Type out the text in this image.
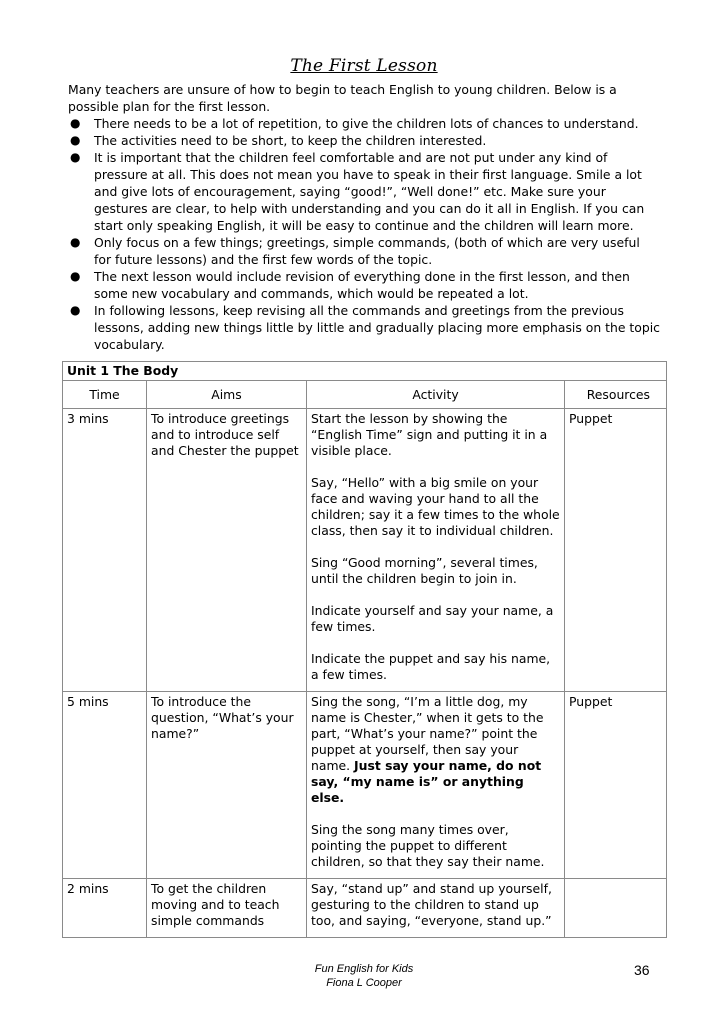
The First Lesson

Many teachers are unsure of how to begin to teach English to young children. Below is a possible plan for the first lesson.

● There needs to be a lot of repetition, to give the children lots of chances to understand.
● The activities need to be short, to keep the children interested.
● It is important that the children feel comfortable and are not put under any kind of pressure at all. This does not mean you have to speak in their first language. Smile a lot and give lots of encouragement, saying “good!”, “Well done!” etc. Make sure your gestures are clear, to help with understanding and you can do it all in English. If you can start only speaking English, it will be easy to continue and the children will learn more.
● Only focus on a few things; greetings, simple commands, (both of which are very useful for future lessons) and the first few words of the topic.
● The next lesson would include revision of everything done in the first lesson, and then some new vocabulary and commands, which would be repeated a lot.
● In following lessons, keep revising all the commands and greetings from the previous lessons, adding new things little by little and gradually placing more emphasis on the topic vocabulary.
Unit 1 The Body			
Time	Aims	Activity	Resources
3 mins	To introduce greetings and to introduce self and Chester the puppet	Start the lesson by showing the “English Time” sign and putting it in a visible place.

Say, “Hello” with a big smile on your face and waving your hand to all the children; say it a few times to the whole class, then say it to individual children.

Sing “Good morning”, several times, until the children begin to join in.

Indicate yourself and say your name, a few times.

Indicate the puppet and say his name, a few times.	Puppet
5 mins	To introduce the question, “What’s your name?”	Sing the song, “I’m a little dog, my name is Chester,” when it gets to the part, “What’s your name?” point the puppet at yourself, then say your name. Just say your name, do not say, “my name is” or anything else.

Sing the song many times over, pointing the puppet to different children, so that they say their name.	Puppet
2 mins	To get the children moving and to teach simple commands	Say, “stand up” and stand up yourself, gesturing to the children to stand up too, and saying, “everyone, stand up.”	
Fun English for Kids
Fiona L Cooper
36
